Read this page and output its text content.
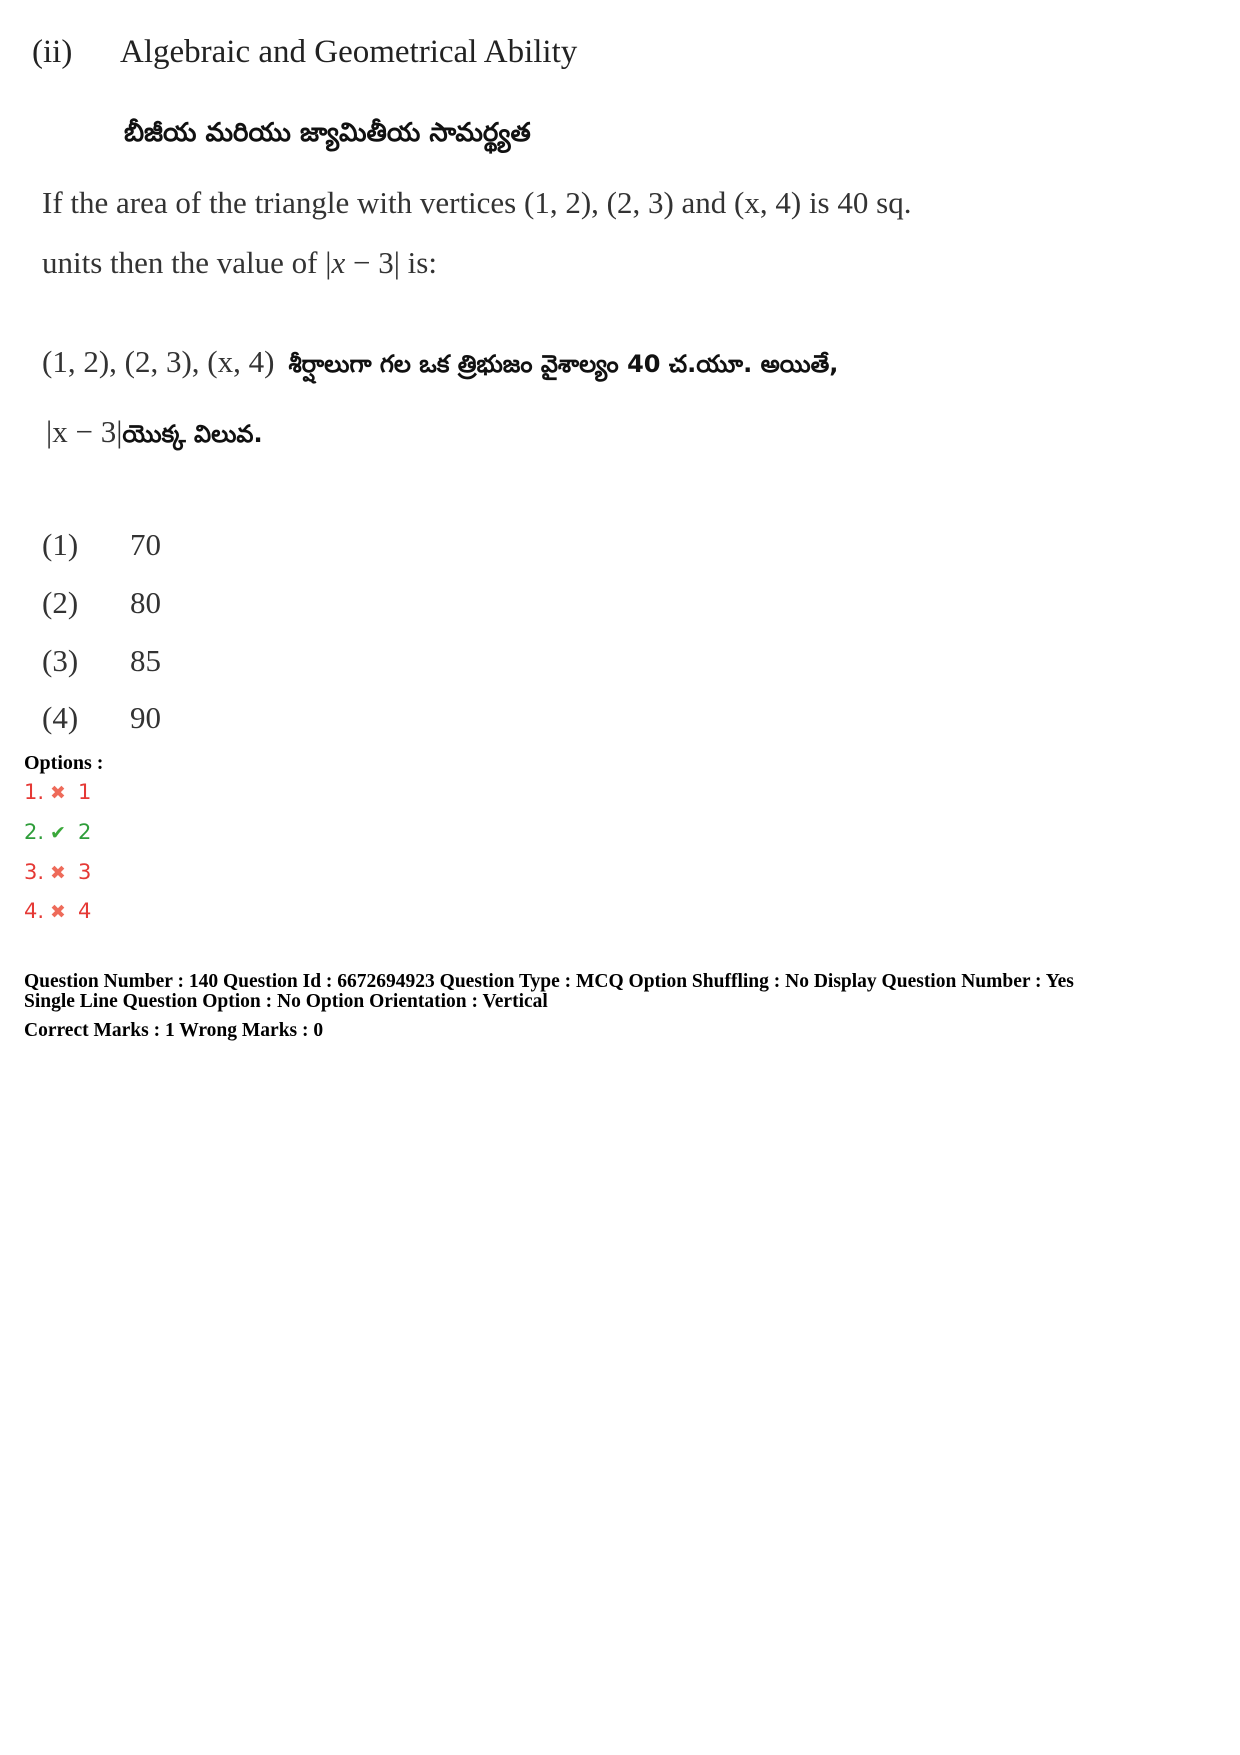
(ii) Algebraic and Geometrical Ability
బీజీయ మరియు జ్యామితీయ సామర్థ్యత
If the area of the triangle with vertices (1, 2), (2, 3) and (x, 4) is 40 sq.
units then the value of |x − 3| is:
(1, 2), (2, 3), (x, 4) శీర్షాలుగా గల ఒక త్రిభుజం వైశాల్యం 40 చ.యూ. అయితే,
|x − 3|యొక్క విలువ.
(1) 70
(2) 80
(3) 85
(4) 90
Options :
1. ✖ 1
2. ✔ 2
3. ✖ 3
4. ✖ 4
Question Number : 140 Question Id : 6672694923 Question Type : MCQ Option Shuffling : No Display Question Number : Yes
Single Line Question Option : No Option Orientation : Vertical
Correct Marks : 1 Wrong Marks : 0
